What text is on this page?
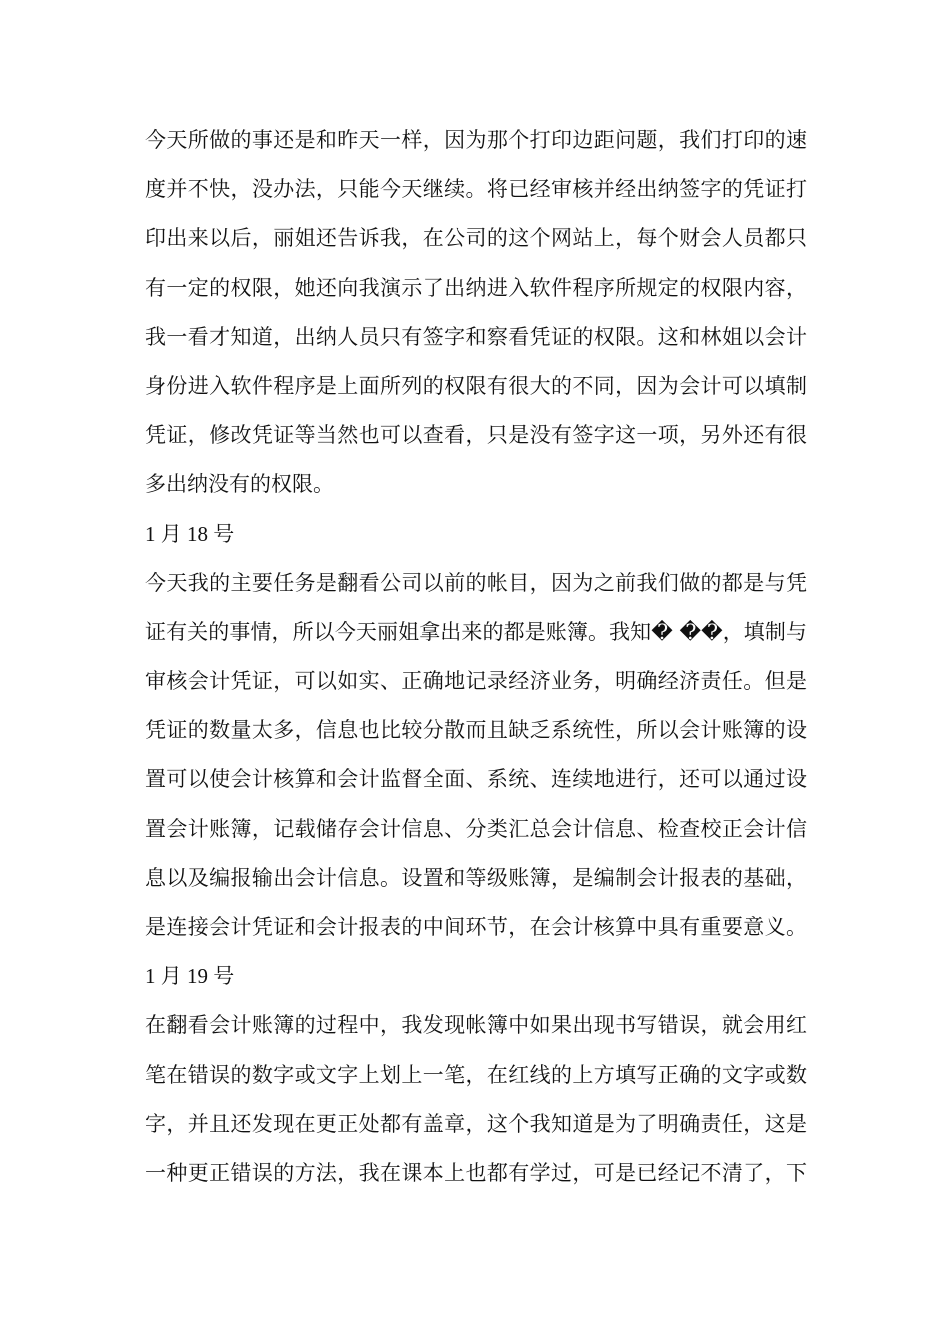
今天所做的事还是和昨天一样，因为那个打印边距问题，我们打印的速
度并不快，没办法，只能今天继续。将已经审核并经出纳签字的凭证打
印出来以后，丽姐还告诉我，在公司的这个网站上，每个财会人员都只
有一定的权限，她还向我演示了出纳进入软件程序所规定的权限内容，
我一看才知道，出纳人员只有签字和察看凭证的权限。这和林姐以会计
身份进入软件程序是上面所列的权限有很大的不同，因为会计可以填制
凭证，修改凭证等当然也可以查看，只是没有签字这一项，另外还有很
多出纳没有的权限。
1 月 18 号
今天我的主要任务是翻看公司以前的帐目，因为之前我们做的都是与凭
证有关的事情，所以今天丽姐拿出来的都是账簿。我知� ��，填制与
审核会计凭证，可以如实、正确地记录经济业务，明确经济责任。但是
凭证的数量太多，信息也比较分散而且缺乏系统性，所以会计账簿的设
置可以使会计核算和会计监督全面、系统、连续地进行，还可以通过设
置会计账簿，记载储存会计信息、分类汇总会计信息、检查校正会计信
息以及编报输出会计信息。设置和等级账簿，是编制会计报表的基础，
是连接会计凭证和会计报表的中间环节，在会计核算中具有重要意义。
1 月 19 号
在翻看会计账簿的过程中，我发现帐簿中如果出现书写错误，就会用红
笔在错误的数字或文字上划上一笔，在红线的上方填写正确的文字或数
字，并且还发现在更正处都有盖章，这个我知道是为了明确责任，这是
一种更正错误的方法，我在课本上也都有学过，可是已经记不清了，下
